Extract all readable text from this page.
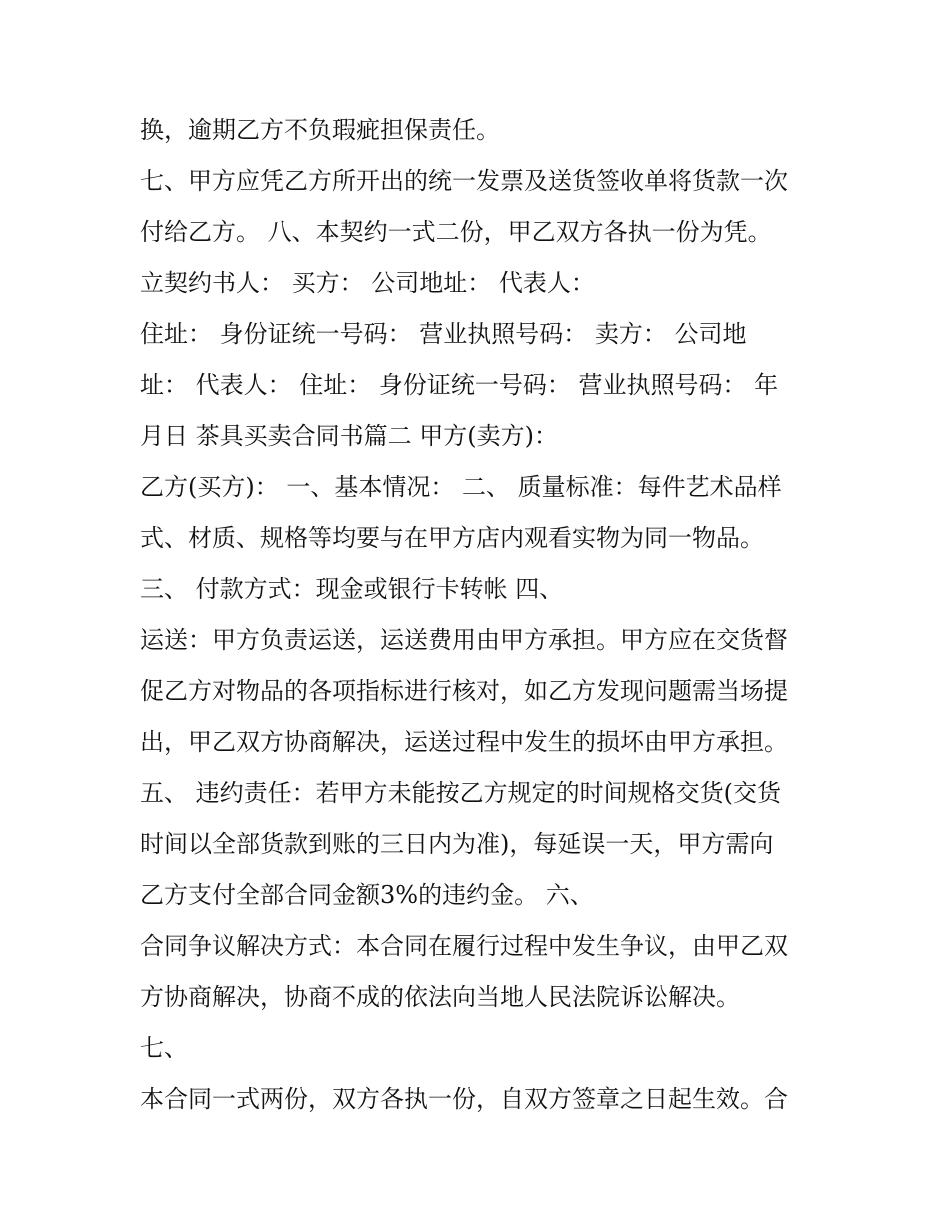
换，逾期乙方不负瑕疵担保责任。
七、甲方应凭乙方所开出的统一发票及送货签收单将货款一次
付给乙方。 八、本契约一式二份，甲乙双方各执一份为凭。
立契约书人： 买方： 公司地址： 代表人：
住址： 身份证统一号码： 营业执照号码： 卖方： 公司地
址： 代表人： 住址： 身份证统一号码： 营业执照号码： 年
月日 茶具买卖合同书篇二 甲方(卖方)：
乙方(买方)： 一、基本情况： 二、 质量标准：每件艺术品样
式、材质、规格等均要与在甲方店内观看实物为同一物品。
三、 付款方式：现金或银行卡转帐 四、
运送：甲方负责运送，运送费用由甲方承担。甲方应在交货督
促乙方对物品的各项指标进行核对，如乙方发现问题需当场提
出，甲乙双方协商解决，运送过程中发生的损坏由甲方承担。
五、 违约责任：若甲方未能按乙方规定的时间规格交货(交货
时间以全部货款到账的三日内为准)，每延误一天，甲方需向
乙方支付全部合同金额3%的违约金。 六、
合同争议解决方式：本合同在履行过程中发生争议，由甲乙双
方协商解决，协商不成的依法向当地人民法院诉讼解决。
七、
本合同一式两份，双方各执一份，自双方签章之日起生效。合
